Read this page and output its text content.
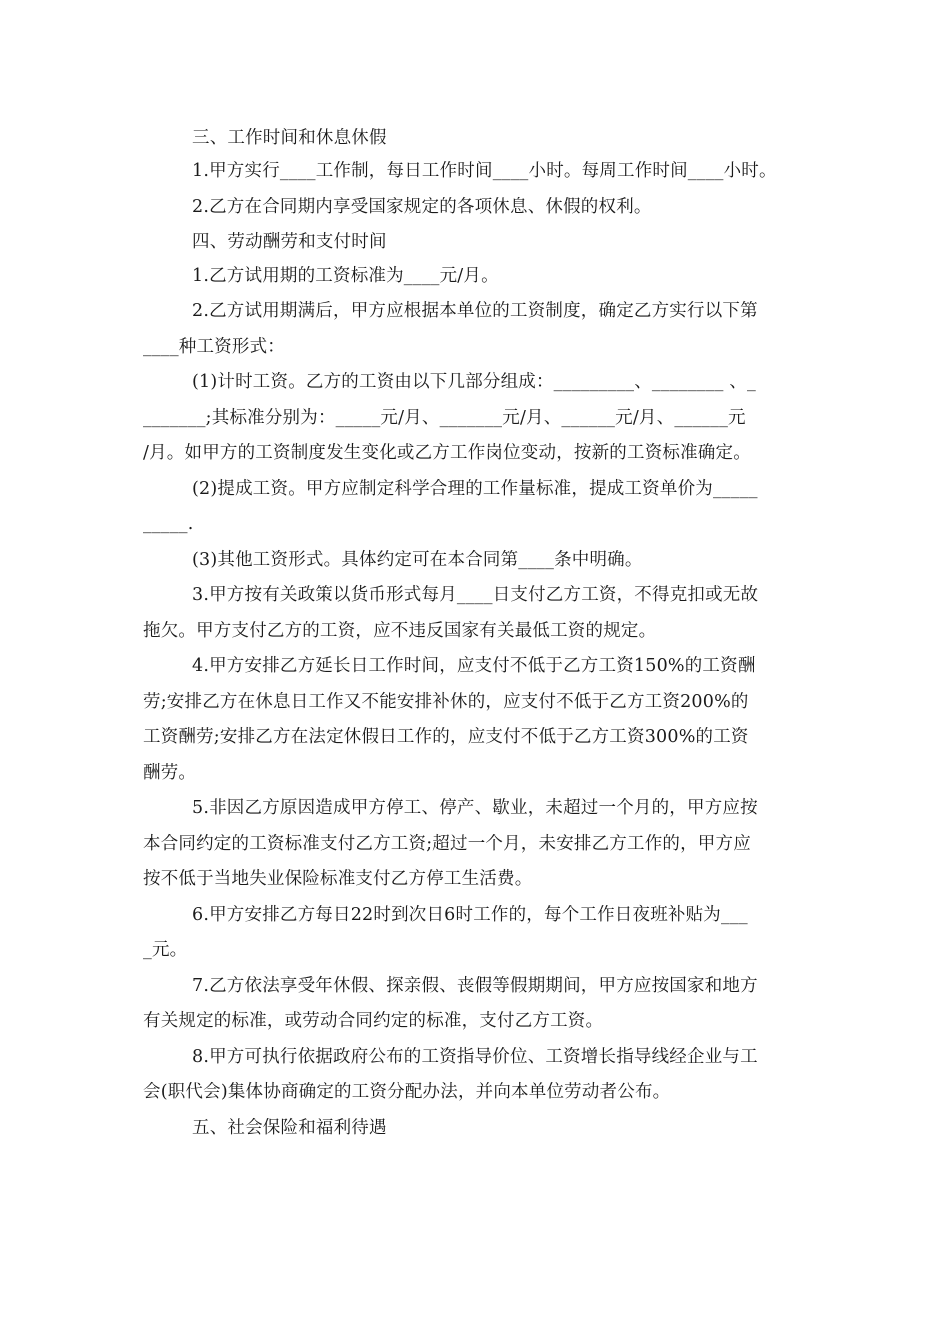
三、工作时间和休息休假
1.甲方实行____工作制，每日工作时间____小时。每周工作时间____小时。
2.乙方在合同期内享受国家规定的各项休息、休假的权利。
四、劳动酬劳和支付时间
1.乙方试用期的工资标准为____元/月。
2.乙方试用期满后，甲方应根据本单位的工资制度，确定乙方实行以下第
____种工资形式：
(1)计时工资。乙方的工资由以下几部分组成：_________、________ 、_
_______;其标准分别为：_____元/月、_______元/月、______元/月、______元
/月。如甲方的工资制度发生变化或乙方工作岗位变动，按新的工资标准确定。
(2)提成工资。甲方应制定科学合理的工作量标准，提成工资单价为_____
_____.
(3)其他工资形式。具体约定可在本合同第____条中明确。
3.甲方按有关政策以货币形式每月____日支付乙方工资，不得克扣或无故
拖欠。甲方支付乙方的工资，应不违反国家有关最低工资的规定。
4.甲方安排乙方延长日工作时间，应支付不低于乙方工资150%的工资酬
劳;安排乙方在休息日工作又不能安排补休的，应支付不低于乙方工资200%的
工资酬劳;安排乙方在法定休假日工作的，应支付不低于乙方工资300%的工资
酬劳。
5.非因乙方原因造成甲方停工、停产、歇业，未超过一个月的，甲方应按
本合同约定的工资标准支付乙方工资;超过一个月，未安排乙方工作的，甲方应
按不低于当地失业保险标准支付乙方停工生活费。
6.甲方安排乙方每日22时到次日6时工作的，每个工作日夜班补贴为___
_元。
7.乙方依法享受年休假、探亲假、丧假等假期期间，甲方应按国家和地方
有关规定的标准，或劳动合同约定的标准，支付乙方工资。
8.甲方可执行依据政府公布的工资指导价位、工资增长指导线经企业与工
会(职代会)集体协商确定的工资分配办法，并向本单位劳动者公布。
五、社会保险和福利待遇
